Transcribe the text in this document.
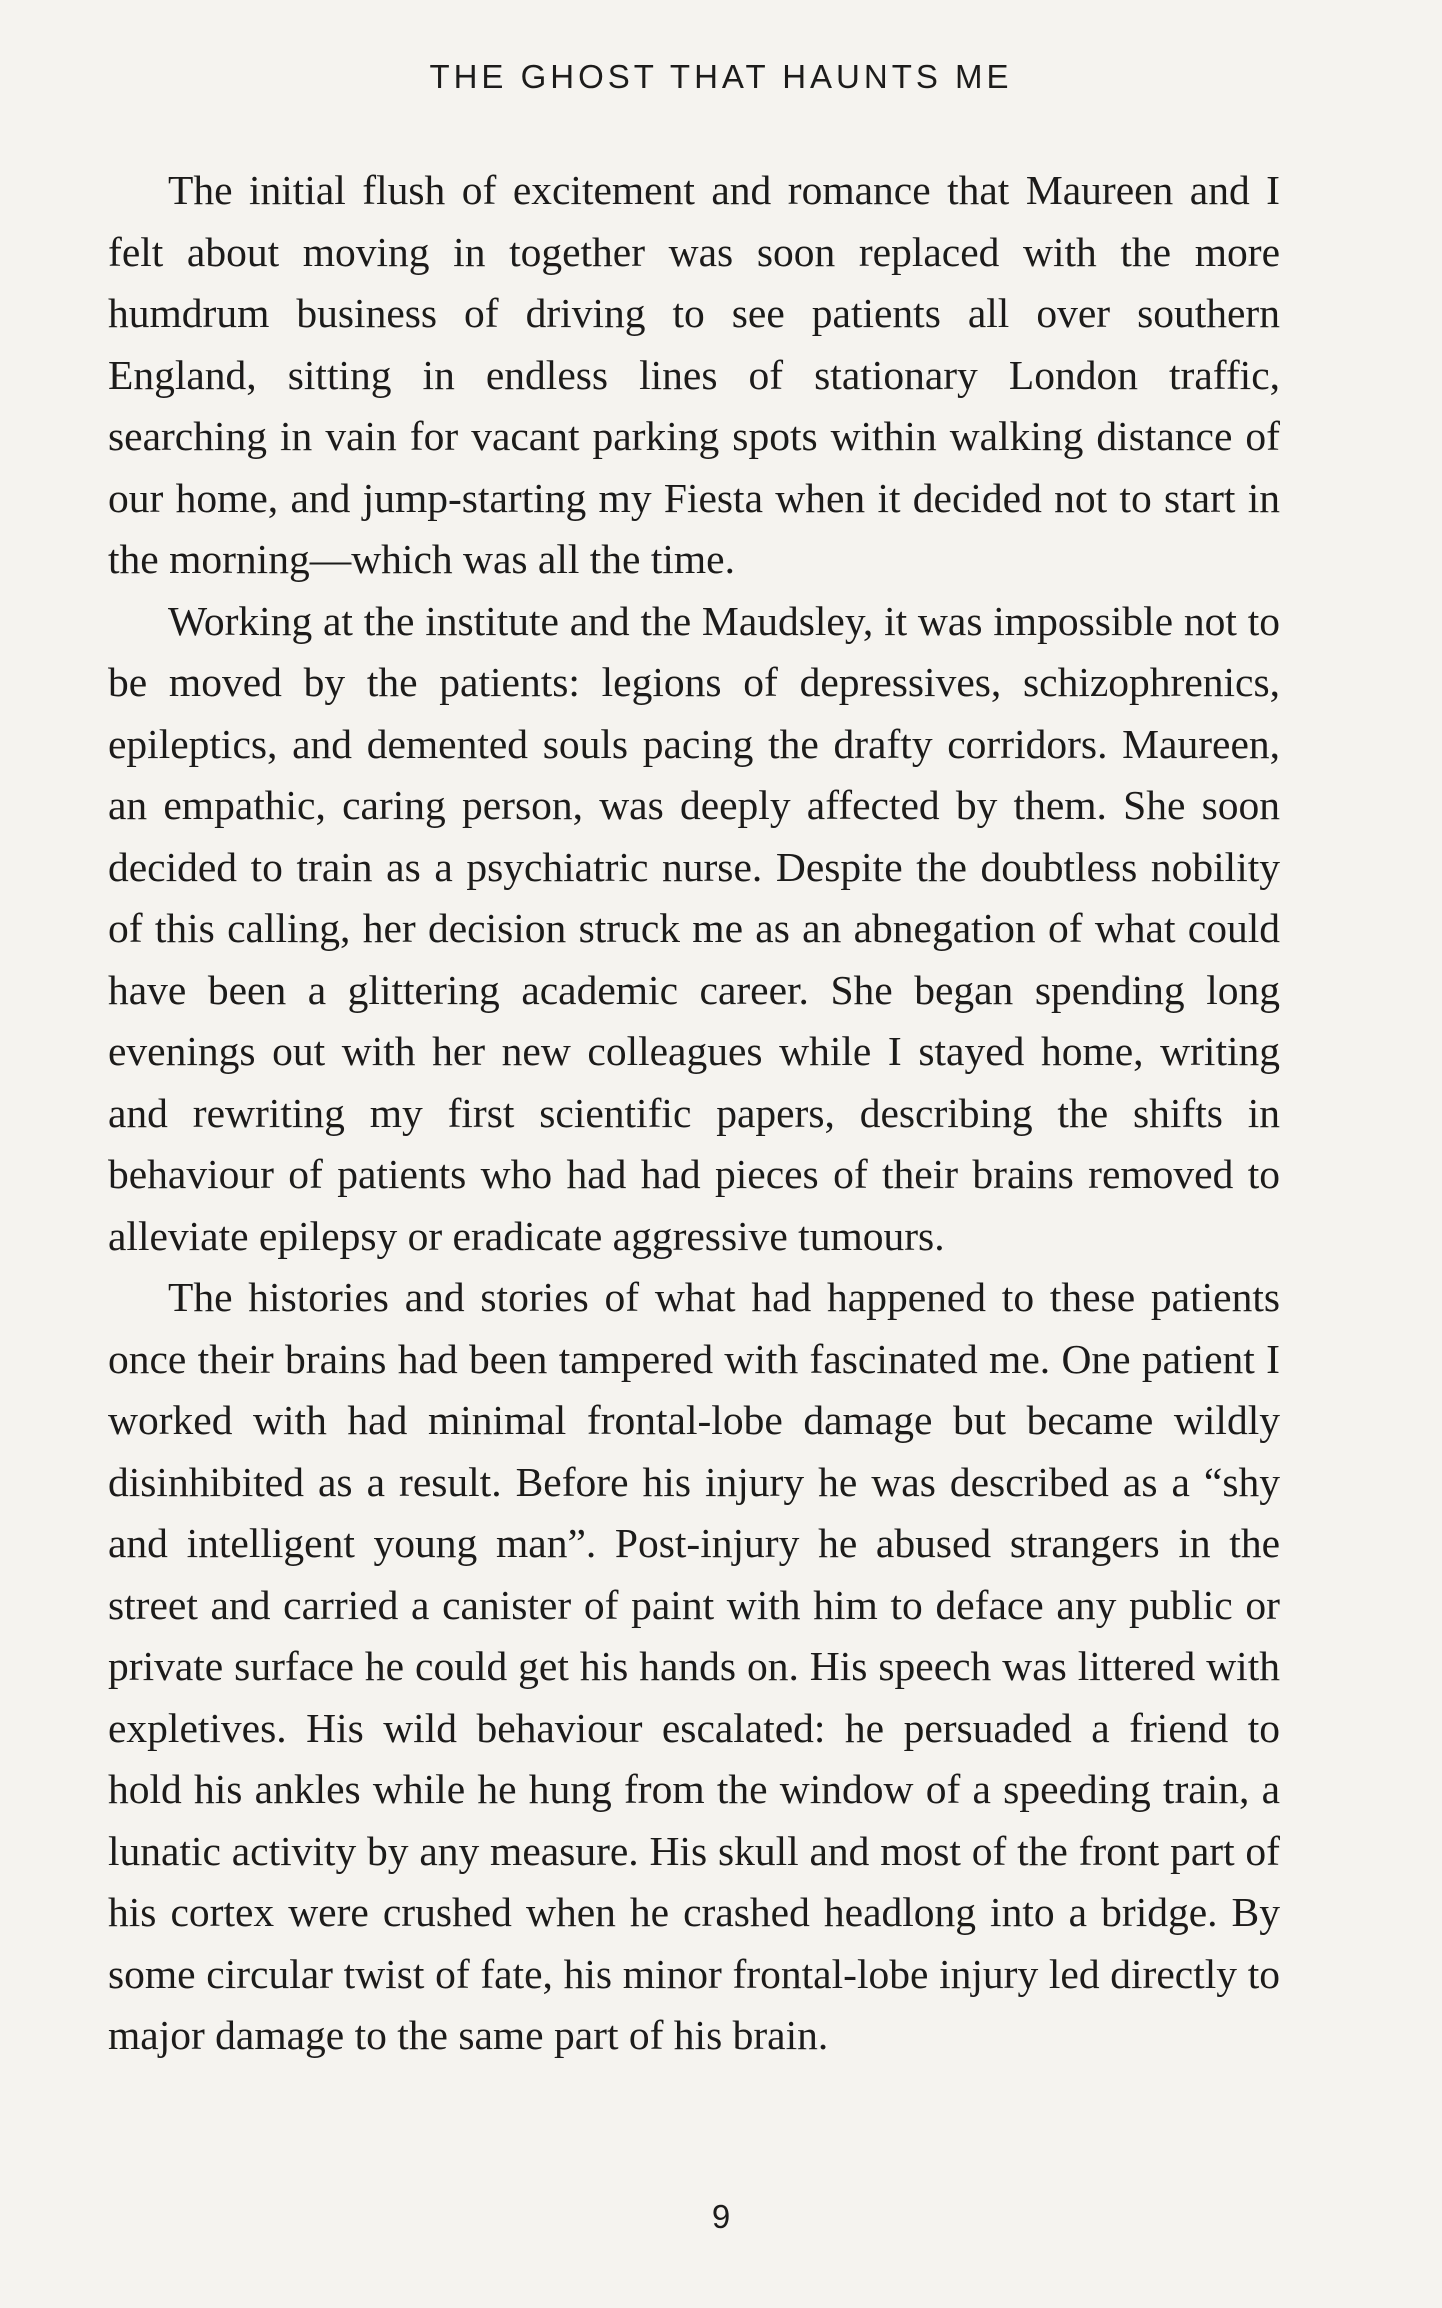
THE GHOST THAT HAUNTS ME

The initial flush of excitement and romance that Maureen and I felt about moving in together was soon replaced with the more humdrum business of driving to see patients all over southern England, sitting in endless lines of stationary London traffic, searching in vain for vacant parking spots within walking distance of our home, and jump-starting my Fiesta when it decided not to start in the morning—which was all the time.

Working at the institute and the Maudsley, it was impossible not to be moved by the patients: legions of depressives, schizophrenics, epileptics, and demented souls pacing the drafty corridors. Maureen, an empathic, caring person, was deeply affected by them. She soon decided to train as a psychiatric nurse. Despite the doubtless nobility of this calling, her decision struck me as an abnegation of what could have been a glittering academic career. She began spending long evenings out with her new colleagues while I stayed home, writing and rewriting my first scientific papers, describing the shifts in behaviour of patients who had had pieces of their brains removed to alleviate epilepsy or eradicate aggressive tumours.

The histories and stories of what had happened to these patients once their brains had been tampered with fascinated me. One patient I worked with had minimal frontal-lobe damage but became wildly disinhibited as a result. Before his injury he was described as a “shy and intelligent young man”. Post-injury he abused strangers in the street and carried a canister of paint with him to deface any public or private surface he could get his hands on. His speech was littered with expletives. His wild behaviour escalated: he persuaded a friend to hold his ankles while he hung from the window of a speeding train, a lunatic activity by any measure. His skull and most of the front part of his cortex were crushed when he crashed headlong into a bridge. By some circular twist of fate, his minor frontal-lobe injury led directly to major damage to the same part of his brain.

9
